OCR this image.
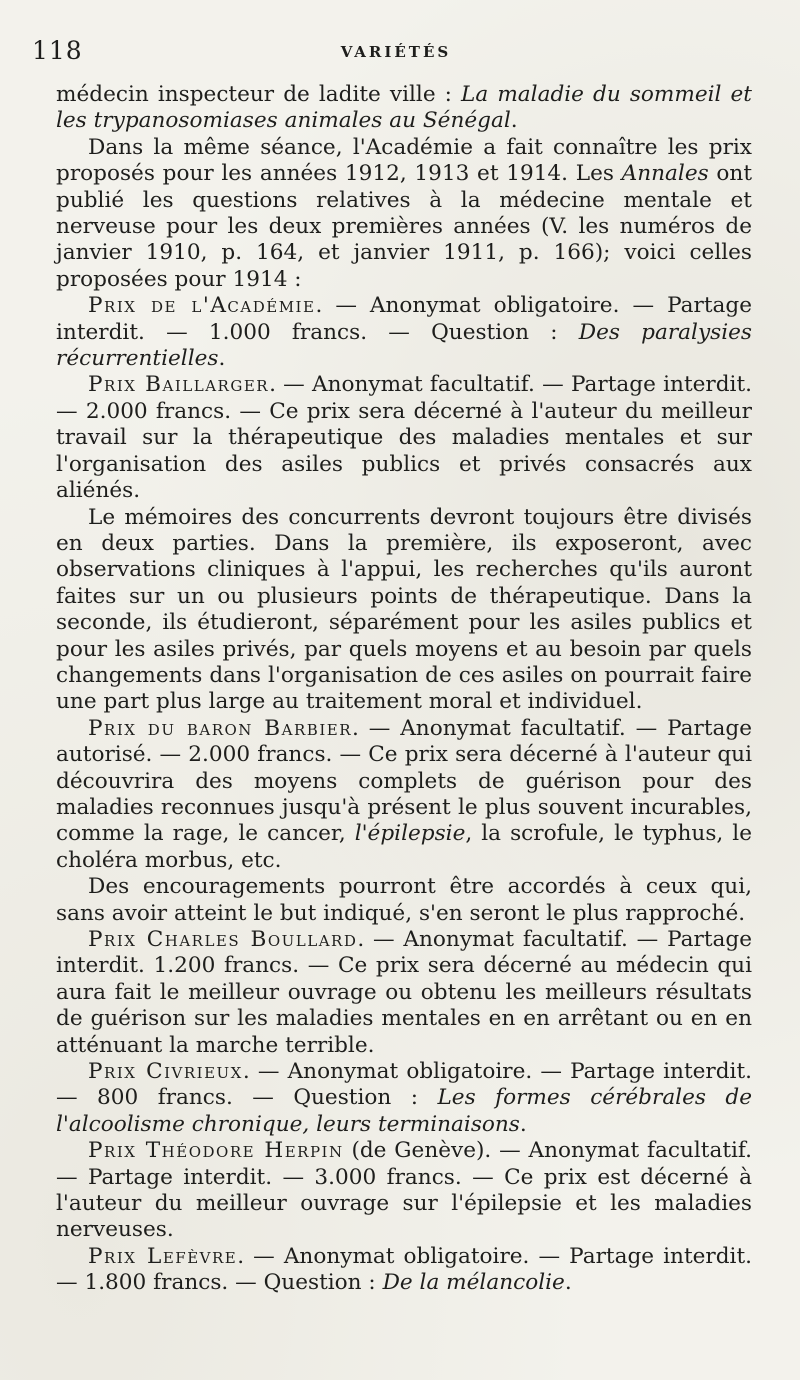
118	VARIÉTÉS

médecin inspecteur de ladite ville : La maladie du sommeil et les trypanosomiases animales au Sénégal.

Dans la même séance, l'Académie a fait connaître les prix proposés pour les années 1912, 1913 et 1914. Les Annales ont publié les questions relatives à la médecine mentale et nerveuse pour les deux premières années (V. les numéros de janvier 1910, p. 164, et janvier 1911, p. 166); voici celles proposées pour 1914 :

Prix de l'Académie. — Anonymat obligatoire. — Partage interdit. — 1.000 francs. — Question : Des paralysies récurrentielles.

Prix Baillarger. — Anonymat facultatif. — Partage interdit. — 2.000 francs. — Ce prix sera décerné à l'auteur du meilleur travail sur la thérapeutique des maladies mentales et sur l'organisation des asiles publics et privés consacrés aux aliénés.

Le mémoires des concurrents devront toujours être divisés en deux parties. Dans la première, ils exposeront, avec observations cliniques à l'appui, les recherches qu'ils auront faites sur un ou plusieurs points de thérapeutique. Dans la seconde, ils étudieront, séparément pour les asiles publics et pour les asiles privés, par quels moyens et au besoin par quels changements dans l'organisation de ces asiles on pourrait faire une part plus large au traitement moral et individuel.

Prix du baron Barbier. — Anonymat facultatif. — Partage autorisé. — 2.000 francs. — Ce prix sera décerné à l'auteur qui découvrira des moyens complets de guérison pour des maladies reconnues jusqu'à présent le plus souvent incurables, comme la rage, le cancer, l'épilepsie, la scrofule, le typhus, le choléra morbus, etc.

Des encouragements pourront être accordés à ceux qui, sans avoir atteint le but indiqué, s'en seront le plus rapproché.

Prix Charles Boullard. — Anonymat facultatif. — Partage interdit. 1.200 francs. — Ce prix sera décerné au médecin qui aura fait le meilleur ouvrage ou obtenu les meilleurs résultats de guérison sur les maladies mentales en en arrêtant ou en en atténuant la marche terrible.

Prix Civrieux. — Anonymat obligatoire. — Partage interdit. — 800 francs. — Question : Les formes cérébrales de l'alcoolisme chronique, leurs terminaisons.

Prix Théodore Herpin (de Genève). — Anonymat facultatif. — Partage interdit. — 3.000 francs. — Ce prix est décerné à l'auteur du meilleur ouvrage sur l'épilepsie et les maladies nerveuses.

Prix Lefèvre. — Anonymat obligatoire. — Partage interdit. — 1.800 francs. — Question : De la mélancolie.
